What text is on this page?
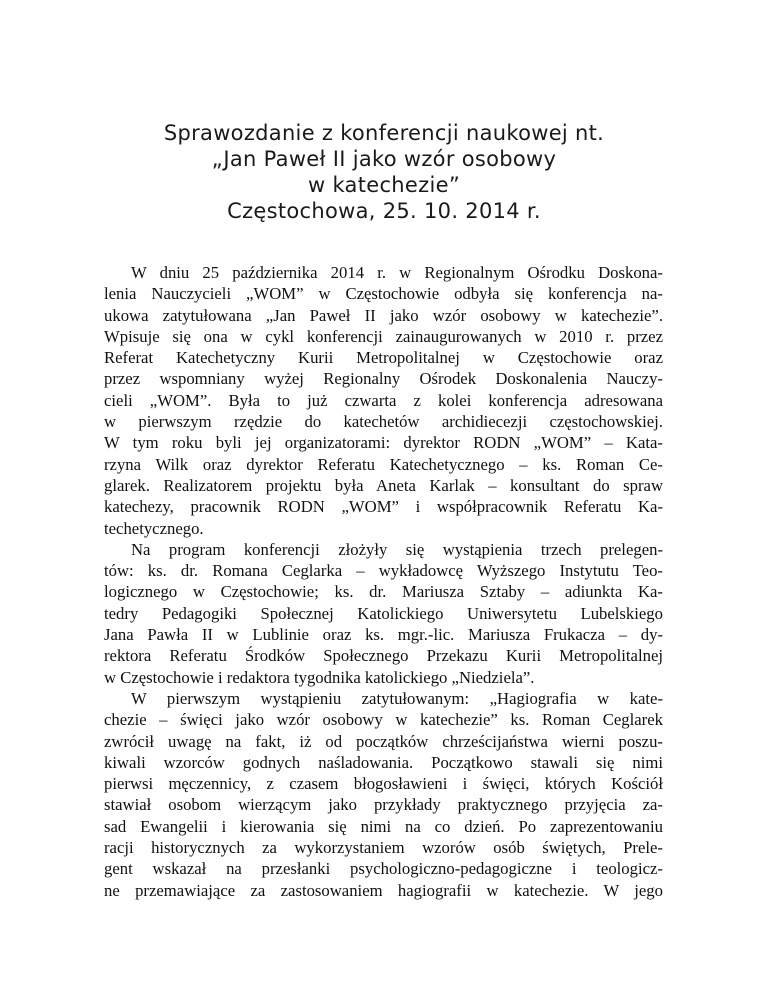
Sprawozdanie z konferencji naukowej nt.
„Jan Paweł II jako wzór osobowy
w katechezie”
Częstochowa, 25. 10. 2014 r.
W dniu 25 października 2014 r. w Regionalnym Ośrodku Doskona-
lenia Nauczycieli „WOM” w Częstochowie odbyła się konferencja na-
ukowa zatytułowana „Jan Paweł II jako wzór osobowy w katechezie”.
Wpisuje się ona w cykl konferencji zainaugurowanych w 2010 r. przez
Referat Katechetyczny Kurii Metropolitalnej w Częstochowie oraz
przez wspomniany wyżej Regionalny Ośrodek Doskonalenia Nauczy-
cieli „WOM”. Była to już czwarta z kolei konferencja adresowana
w pierwszym rzędzie do katechetów archidiecezji częstochowskiej.
W tym roku byli jej organizatorami: dyrektor RODN „WOM” – Kata-
rzyna Wilk oraz dyrektor Referatu Katechetycznego – ks. Roman Ce-
glarek. Realizatorem projektu była Aneta Karlak – konsultant do spraw
katechezy, pracownik RODN „WOM” i współpracownik Referatu Ka-
techetycznego.
Na program konferencji złożyły się wystąpienia trzech prelegen-
tów: ks. dr. Romana Ceglarka – wykładowcę Wyższego Instytutu Teo-
logicznego w Częstochowie; ks. dr. Mariusza Sztaby – adiunkta Ka-
tedry Pedagogiki Społecznej Katolickiego Uniwersytetu Lubelskiego
Jana Pawła II w Lublinie oraz ks. mgr.-lic. Mariusza Frukacza – dy-
rektora Referatu Środków Społecznego Przekazu Kurii Metropolitalnej
w Częstochowie i redaktora tygodnika katolickiego „Niedziela”.
W pierwszym wystąpieniu zatytułowanym: „Hagiografia w kate-
chezie – święci jako wzór osobowy w katechezie” ks. Roman Ceglarek
zwrócił uwagę na fakt, iż od początków chrześcijaństwa wierni poszu-
kiwali wzorców godnych naśladowania. Początkowo stawali się nimi
pierwsi męczennicy, z czasem błogosławieni i święci, których Kościół
stawiał osobom wierzącym jako przykłady praktycznego przyjęcia za-
sad Ewangelii i kierowania się nimi na co dzień. Po zaprezentowaniu
racji historycznych za wykorzystaniem wzorów osób świętych, Prele-
gent wskazał na przesłanki psychologiczno-pedagogiczne i teologicz-
ne przemawiające za zastosowaniem hagiografii w katechezie. W jego
